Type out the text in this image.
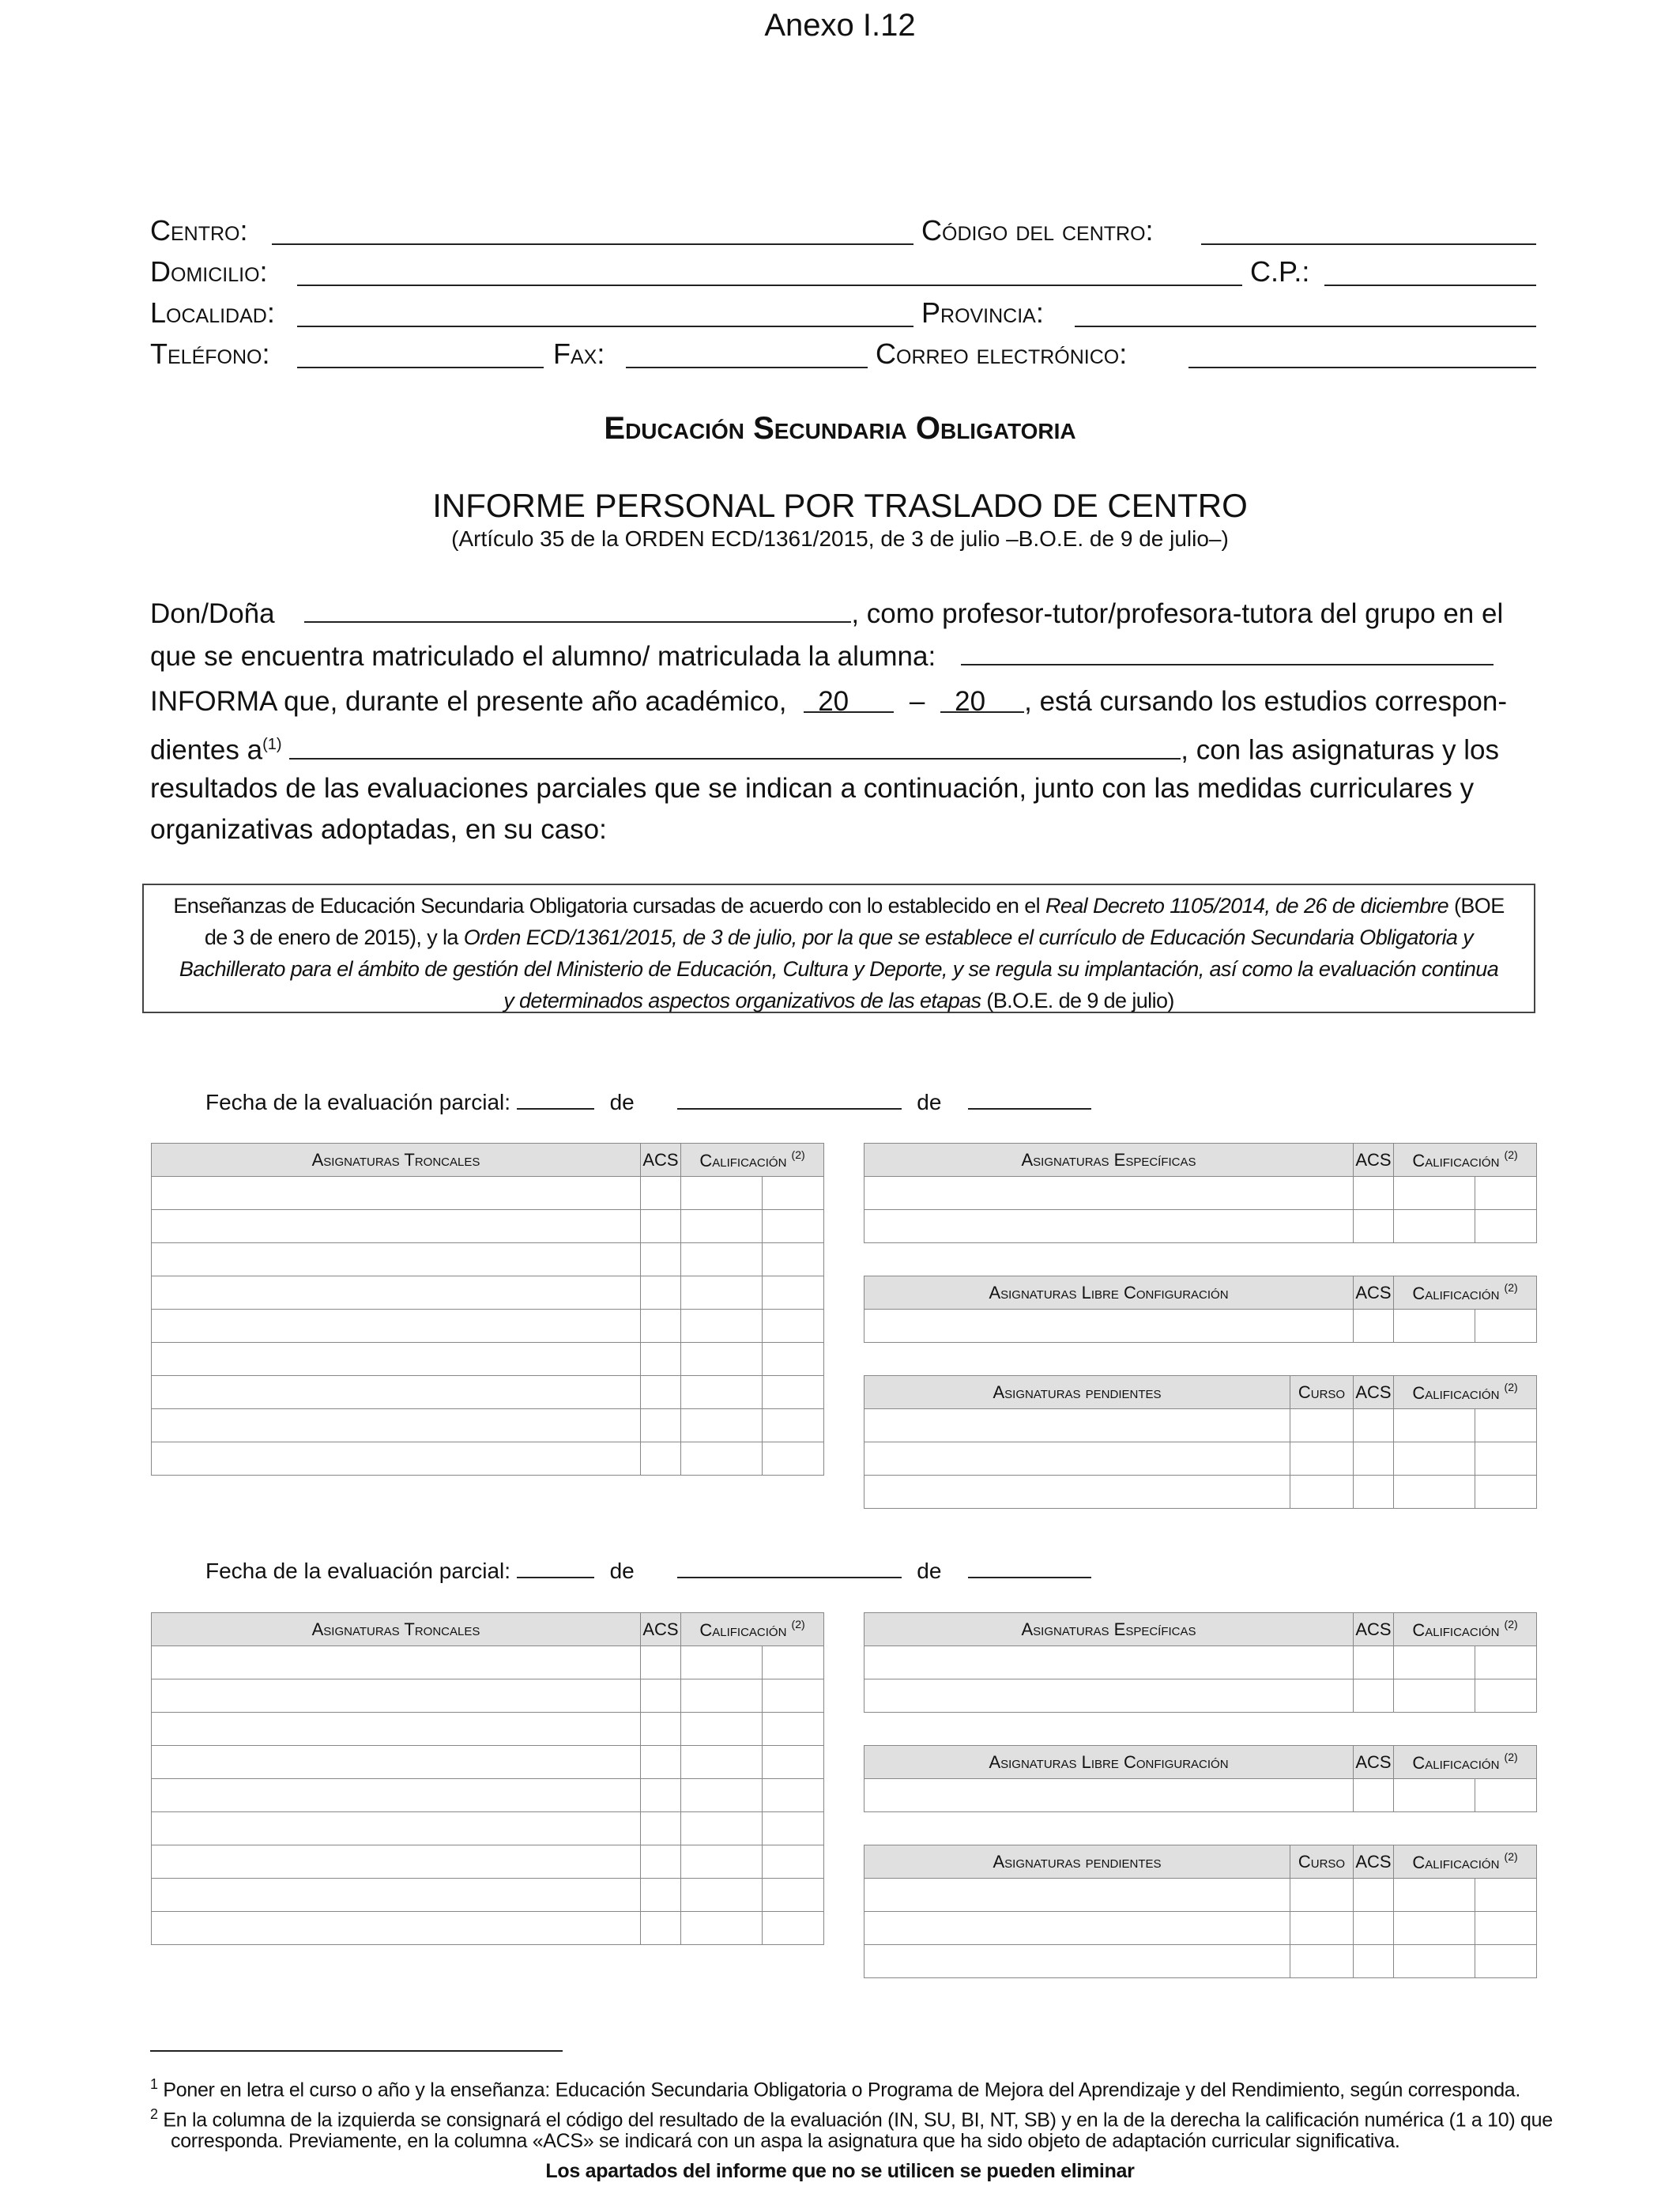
Anexo I.12
Centro:	Código del centro:
Domicilio:	C.P.:
Localidad:	Provincia:
Teléfono:	Fax:	Correo electrónico:
Educación Secundaria Obligatoria
INFORME PERSONAL POR TRASLADO DE CENTRO
(Artículo 35 de la ORDEN ECD/1361/2015, de 3 de julio –B.O.E. de 9 de julio–)
Don/Doña	, como profesor-tutor/profesora-tutora del grupo en el
que se encuentra matriculado el alumno/ matriculada la alumna:
INFORMA que, durante el presente año académico, 20 – 20 , está cursando los estudios correspon-
dientes $a^{(1)}$	, con las asignaturas y los
resultados de las evaluaciones parciales que se indican a continuación, junto con las medidas curriculares y
organizativas adoptadas, en su caso:
Enseñanzas de Educación Secundaria Obligatoria cursadas de acuerdo con lo establecido en el Real Decreto 1105/2014, de 26 de diciembre (BOE
de 3 de enero de 2015), y la Orden ECD/1361/2015, de 3 de julio, por la que se establece el currículo de Educación Secundaria Obligatoria y
Bachillerato para el ámbito de gestión del Ministerio de Educación, Cultura y Deporte, y se regula su implantación, así como la evaluación continua
y determinados aspectos organizativos de las etapas (B.O.E. de 9 de julio)
Fecha de la evaluación parcial:	de	de
Asignaturas Troncales	ACS	Calificación $^{(2)}$

				Asignaturas Específicas		ACS	Calificación $^{(2)}$

Asignaturas Libre Configuración		ACS	Calificación $^{(2)}$

Asignaturas pendientes	Curso	ACS	Calificación $^{(2)}$

Fecha de la evaluación parcial:	de	de
Asignaturas Troncales	ACS	Calificación $^{(2)}$

				Asignaturas Específicas		ACS	Calificación $^{(2)}$

Asignaturas Libre Configuración		ACS	Calificación $^{(2)}$

Asignaturas pendientes	Curso	ACS	Calificación $^{(2)}$

$^1$ Poner en letra el curso o año y la enseñanza: Educación Secundaria Obligatoria o Programa de Mejora del Aprendizaje y del Rendimiento, según corresponda.
$^2$ En la columna de la izquierda se consignará el código del resultado de la evaluación (IN, SU, BI, NT, SB) y en la de la derecha la calificación numérica (1 a 10) que
corresponda. Previamente, en la columna «ACS» se indicará con un aspa la asignatura que ha sido objeto de adaptación curricular significativa.
Los apartados del informe que no se utilicen se pueden eliminar
